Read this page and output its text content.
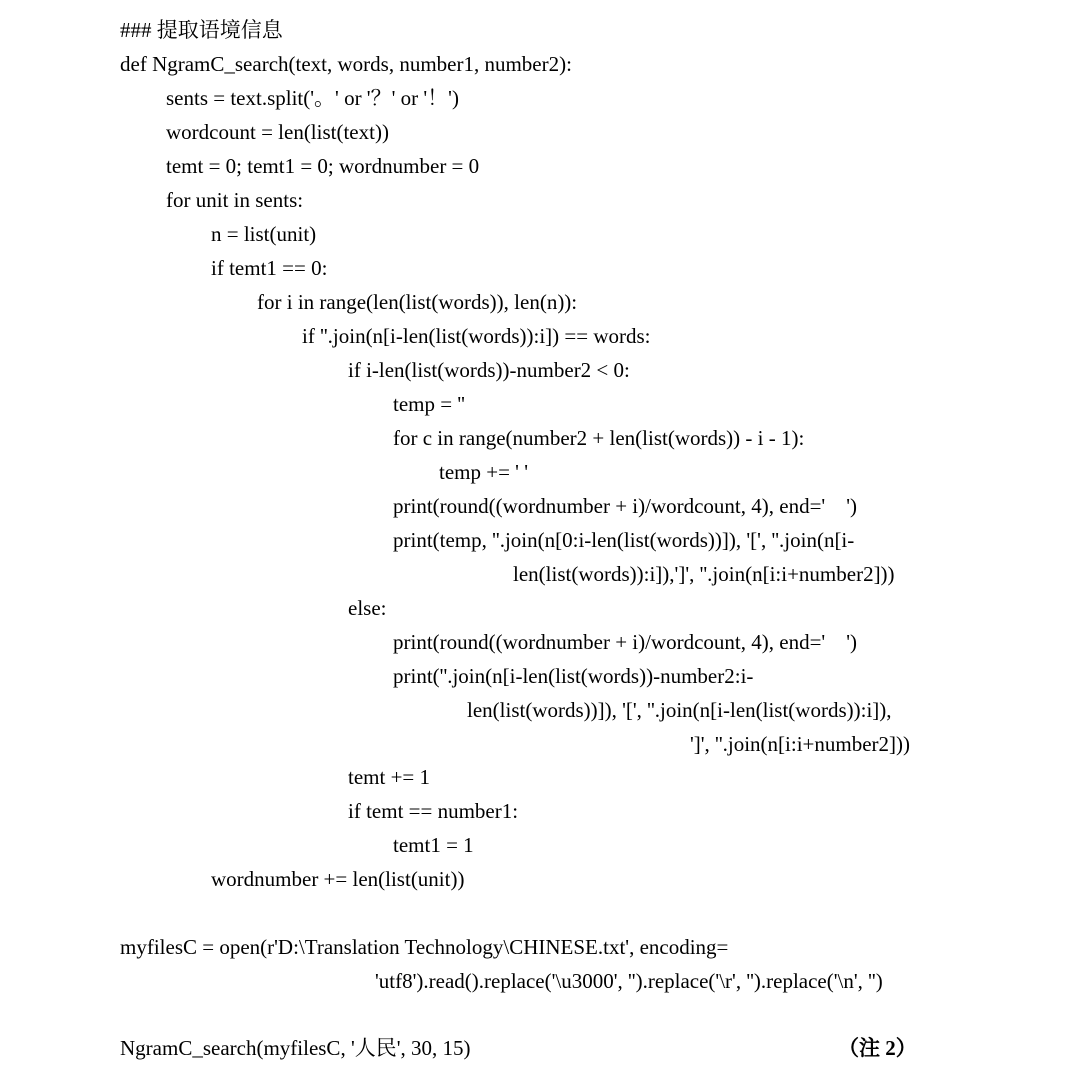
### 提取语境信息
def NgramC_search(text, words, number1, number2):
sents = text.split('。' or '？' or '！')
wordcount = len(list(text))
temt = 0; temt1 = 0; wordnumber = 0
for unit in sents:
n = list(unit)
if temt1 == 0:
for i in range(len(list(words)), len(n)):
if ''.join(n[i-len(list(words)):i]) == words:
if i-len(list(words))-number2 < 0:
temp = ''
for c in range(number2 + len(list(words)) - i - 1):
temp += ' '
print(round((wordnumber + i)/wordcount, 4), end='    ')
print(temp, ''.join(n[0:i-len(list(words))]), '[', ''.join(n[i-
len(list(words)):i]),']', ''.join(n[i:i+number2]))
else:
print(round((wordnumber + i)/wordcount, 4), end='    ')
print(''.join(n[i-len(list(words))-number2:i-
len(list(words))]), '[', ''.join(n[i-len(list(words)):i]),
']', ''.join(n[i:i+number2]))
temt += 1
if temt == number1:
temt1 = 1
wordnumber += len(list(unit))
myfilesC = open(r'D:\Translation Technology\CHINESE.txt', encoding=
'utf8').read().replace('\u3000', '').replace('\r', '').replace('\n', '')
NgramC_search(myfilesC, '人民', 30, 15)	（注 2）
